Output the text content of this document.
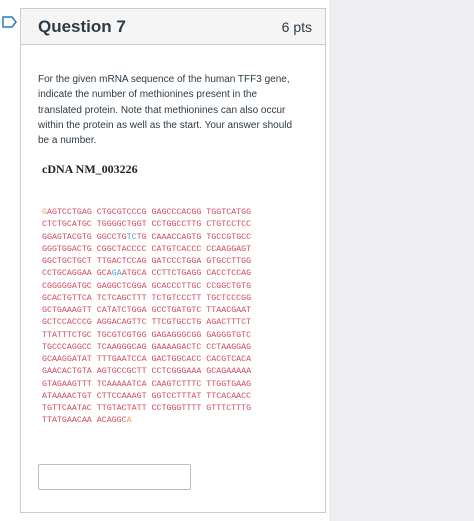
Question 7	6 pts

For the given mRNA sequence of the human TFF3 gene, indicate the number of methionines present in the translated protein. Note that methionines can also occur within the protein as well as the start. Your answer should be a number.

cDNA NM_003226
GAGTCCTGAG CTGCGTCCCG GAGCCCACGG TGGTCATGG
CTCTGCATGC TGGGGCTGGT CCTGGCCTTG CTGTCCTCC
GGAGTACGTG GGCCTGTCTG CAAACCAGTG TGCCGTGCC
GGGTGGACTG CGGCTACCCC CATGTCACCC CCAAGGAGT
GGCTGCTGCT TTGACTCCAG GATCCCTGGA GTGCCTTGG
CCTGCAGGAA GCAGAATGCA CCTTCTGAGG CACCTCCAG
CGGGGGATGC GAGGCTCGGA GCACCCTTGC CCGGCTGTG
GCACTGTTCA TCTCAGCTTT TCTGTCCCTT TGCTCCCGG
GCTGAAAGTT CATATCTGGA GCCTGATGTC TTAACGAAT
GCTCCACCCG AGGACAGTTC TTCGTGCCTG AGACTTTCT
TTATTTCTGC TGCGTCGTGG GAGAGGGCGG GAGGGTGTC
TGCCCAGGCC TCAAGGGCAG GAAAAGACTC CCTAAGGAG
GCAAGGATAT TTTGAATCCA GACTGGCACC CACGTCACA
GAACACTGTA AGTGCCGCTT CCTCGGGAAA GCAGAAAAA
GTAGAAGTTT TCAAAAATCA CAAGTCTTTC TTGGTGAAG
ATAAAACTGT CTTCCAAAGT GGTCCTTTAT TTCACAACC
TGTTCAATAC TTGTACTATT CCTGGGTTTT GTTTCTTTG
TTATGAACAA ACAGGCA
